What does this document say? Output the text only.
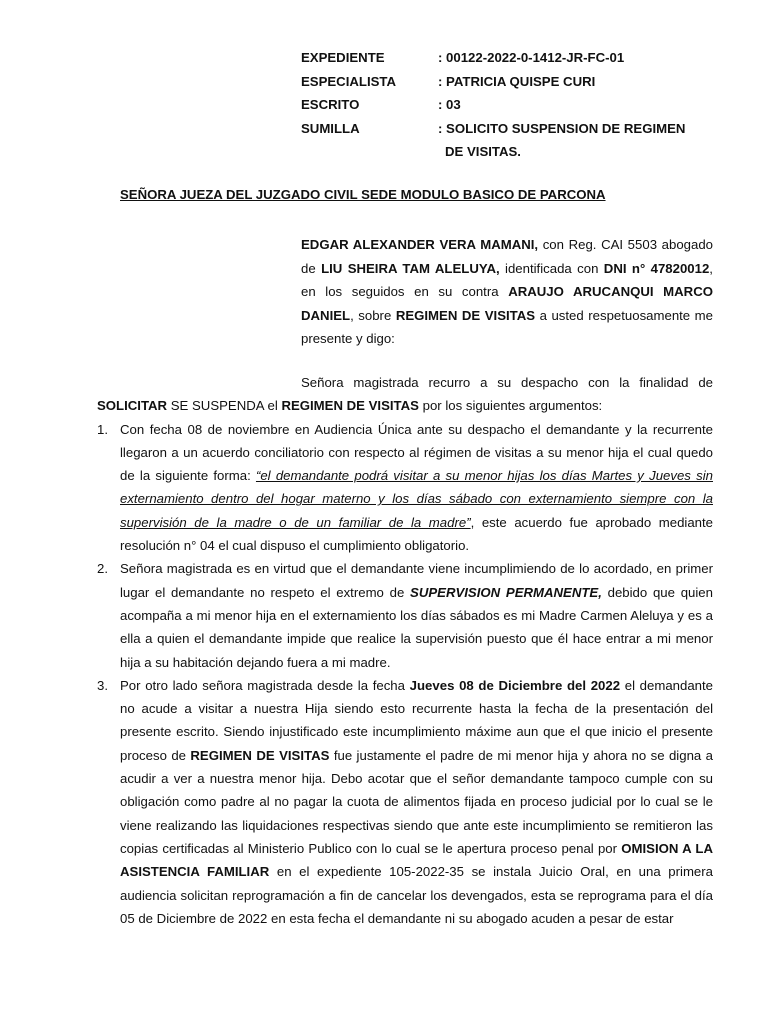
EXPEDIENTE	: 00122-2022-0-1412-JR-FC-01
ESPECIALISTA	: PATRICIA QUISPE CURI
ESCRITO	: 03
SUMILLA	: SOLICITO SUSPENSION DE REGIMEN
DE VISITAS.
SEÑORA JUEZA DEL JUZGADO CIVIL SEDE MODULO BASICO DE PARCONA
EDGAR ALEXANDER VERA MAMANI, con Reg. CAI 5503 abogado de LIU SHEIRA TAM ALELUYA, identificada con DNI n° 47820012, en los seguidos en su contra ARAUJO ARUCANQUI MARCO DANIEL, sobre REGIMEN DE VISITAS a usted respetuosamente me presente y digo:

Señora magistrada recurro a su despacho con la finalidad de SOLICITAR SE SUSPENDA el REGIMEN DE VISITAS por los siguientes argumentos:

1. Con fecha 08 de noviembre en Audiencia Única ante su despacho el demandante y la recurrente llegaron a un acuerdo conciliatorio con respecto al régimen de visitas a su menor hija el cual quedo de la siguiente forma: “el demandante podrá visitar a su menor hijas los días Martes y Jueves sin externamiento dentro del hogar materno y los días sábado con externamiento siempre con la supervisión de la madre o de un familiar de la madre”, este acuerdo fue aprobado mediante resolución n° 04 el cual dispuso el cumplimiento obligatorio.
2. Señora magistrada es en virtud que el demandante viene incumplimiendo de lo acordado, en primer lugar el demandante no respeto el extremo de SUPERVISION PERMANENTE, debido que quien acompaña a mi menor hija en el externamiento los días sábados es mi Madre Carmen Aleluya y es a ella a quien el demandante impide que realice la supervisión puesto que él hace entrar a mi menor hija a su habitación dejando fuera a mi madre.
3. Por otro lado señora magistrada desde la fecha Jueves 08 de Diciembre del 2022 el demandante no acude a visitar a nuestra Hija siendo esto recurrente hasta la fecha de la presentación del presente escrito. Siendo injustificado este incumplimiento máxime aun que el que inicio el presente proceso de REGIMEN DE VISITAS fue justamente el padre de mi menor hija y ahora no se digna a acudir a ver a nuestra menor hija. Debo acotar que el señor demandante tampoco cumple con su obligación como padre al no pagar la cuota de alimentos fijada en proceso judicial por lo cual se le viene realizando las liquidaciones respectivas siendo que ante este incumplimiento se remitieron las copias certificadas al Ministerio Publico con lo cual se le apertura proceso penal por OMISION A LA ASISTENCIA FAMILIAR en el expediente 105-2022-35 se instala Juicio Oral, en una primera audiencia solicitan reprogramación a fin de cancelar los devengados, esta se reprograma para el día 05 de Diciembre de 2022 en esta fecha el demandante ni su abogado acuden a pesar de estar
